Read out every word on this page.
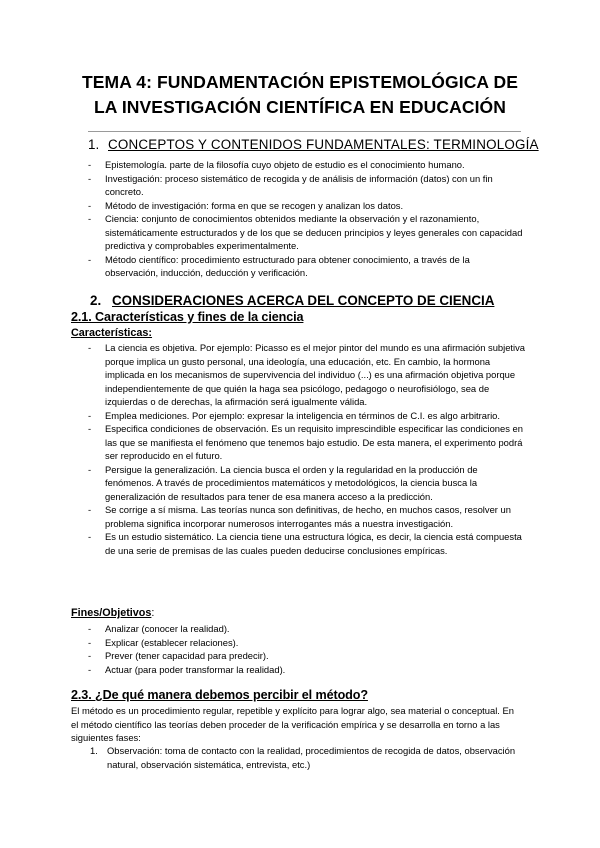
TEMA 4: FUNDAMENTACIÓN EPISTEMOLÓGICA DE
LA INVESTIGACIÓN CIENTÍFICA EN EDUCACIÓN
1. CONCEPTOS Y CONTENIDOS FUNDAMENTALES: TERMINOLOGÍA
- Epistemología. parte de la filosofía cuyo objeto de estudio es el conocimiento humano.
- Investigación: proceso sistemático de recogida y de análisis de información (datos) con un fin concreto.
- Método de investigación: forma en que se recogen y analizan los datos.
- Ciencia: conjunto de conocimientos obtenidos mediante la observación y el razonamiento, sistemáticamente estructurados y de los que se deducen principios y leyes generales con capacidad predictiva y comprobables experimentalmente.
- Método científico: procedimiento estructurado para obtener conocimiento, a través de la observación, inducción, deducción y verificación.
2. CONSIDERACIONES ACERCA DEL CONCEPTO DE CIENCIA
2.1. Características y fines de la ciencia
Características:
- La ciencia es objetiva. Por ejemplo: Picasso es el mejor pintor del mundo es una afirmación subjetiva porque implica un gusto personal, una ideología, una educación, etc. En cambio, la hormona implicada en los mecanismos de supervivencia del individuo (...) es una afirmación objetiva porque independientemente de que quién la haga sea psicólogo, pedagogo o neurofisiólogo, sea de izquierdas o de derechas, la afirmación será igualmente válida.
- Emplea mediciones. Por ejemplo: expresar la inteligencia en términos de C.I. es algo arbitrario.
- Especifica condiciones de observación. Es un requisito imprescindible especificar las condiciones en las que se manifiesta el fenómeno que tenemos bajo estudio. De esta manera, el experimento podrá ser reproducido en el futuro.
- Persigue la generalización. La ciencia busca el orden y la regularidad en la producción de fenómenos. A través de procedimientos matemáticos y metodológicos, la ciencia busca la generalización de resultados para tener de esa manera acceso a la predicción.
- Se corrige a sí misma. Las teorías nunca son definitivas, de hecho, en muchos casos, resolver un problema significa incorporar numerosos interrogantes más a nuestra investigación.
- Es un estudio sistemático. La ciencia tiene una estructura lógica, es decir, la ciencia está compuesta de una serie de premisas de las cuales pueden deducirse conclusiones empíricas.
Fines/Objetivos:
- Analizar (conocer la realidad).
- Explicar (establecer relaciones).
- Prever (tener capacidad para predecir).
- Actuar (para poder transformar la realidad).
2.3. ¿De qué manera debemos percibir el método?
El método es un procedimiento regular, repetible y explícito para lograr algo, sea material o conceptual. En el método científico las teorías deben proceder de la verificación empírica y se desarrolla en torno a las siguientes fases:
1. Observación: toma de contacto con la realidad, procedimientos de recogida de datos, observación natural, observación sistemática, entrevista, etc.)
